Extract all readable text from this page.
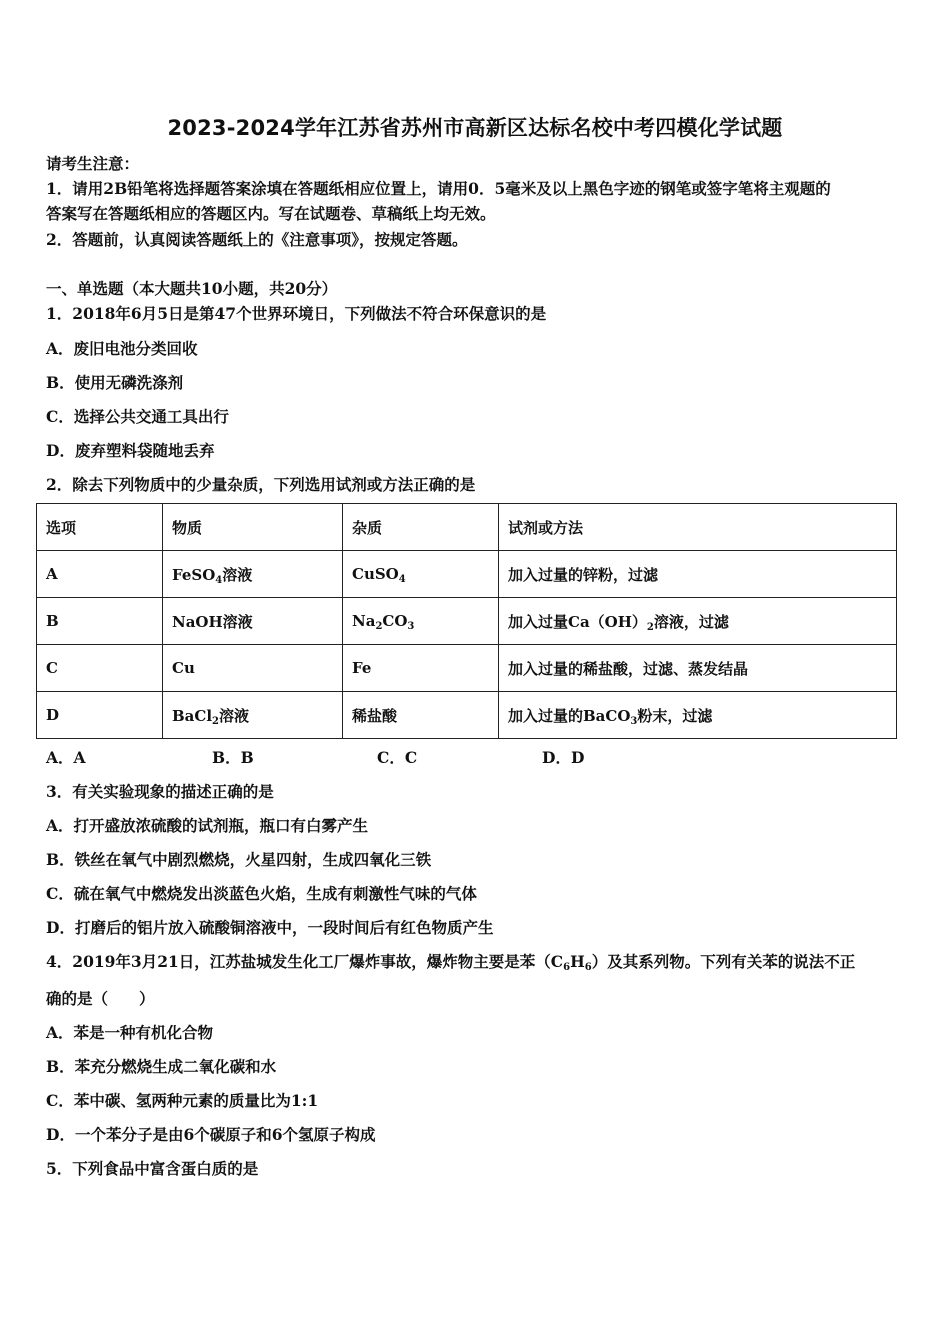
2023-2024学年江苏省苏州市高新区达标名校中考四模化学试题
请考生注意：
1．请用2B铅笔将选择题答案涂填在答题纸相应位置上，请用0．5毫米及以上黑色字迹的钢笔或签字笔将主观题的
答案写在答题纸相应的答题区内。写在试题卷、草稿纸上均无效。
2．答题前，认真阅读答题纸上的《注意事项》，按规定答题。
一、单选题（本大题共10小题，共20分）
1．2018年6月5日是第47个世界环境日，下列做法不符合环保意识的是
A．废旧电池分类回收
B．使用无磷洗涤剂
C．选择公共交通工具出行
D．废弃塑料袋随地丢弃
2．除去下列物质中的少量杂质，下列选用试剂或方法正确的是
选项	物质	杂质	试剂或方法
A	FeSO$_4$溶液	CuSO$_4$	加入过量的锌粉，过滤
B	NaOH溶液	$Na_2CO_3$	加入过量$Ca(OH)_2$溶液，过滤
C	Cu	Fe	加入过量的稀盐酸，过滤、蒸发结晶
D	BaCl$_2$溶液	稀盐酸	加入过量的BaCO$_3$粉末，过滤
A．A	B．B	C．C	D．D
3．有关实验现象的描述正确的是
A．打开盛放浓硫酸的试剂瓶，瓶口有白雾产生
B．铁丝在氧气中剧烈燃烧，火星四射，生成四氧化三铁
C．硫在氧气中燃烧发出淡蓝色火焰，生成有刺激性气味的气体
D．打磨后的铝片放入硫酸铜溶液中，一段时间后有红色物质产生
4．2019年3月21日，江苏盐城发生化工厂爆炸事故，爆炸物主要是苯$(C_6H_6)$及其系列物。下列有关苯的说法不正
确的是（　　）
A．苯是一种有机化合物
B．苯充分燃烧生成二氧化碳和水
C．苯中碳、氢两种元素的质量比为1:1
D．一个苯分子是由6个碳原子和6个氢原子构成
5．下列食品中富含蛋白质的是
